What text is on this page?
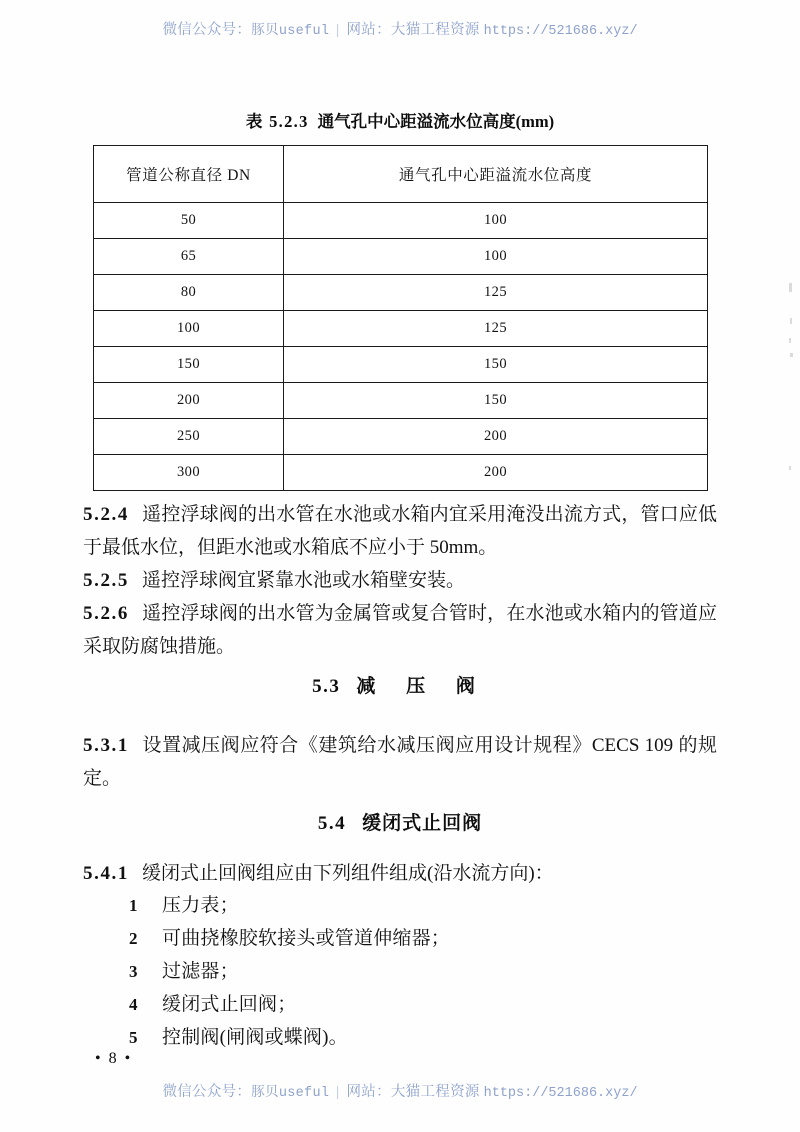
微信公众号：豚贝useful | 网站：大猫工程资源 https://521686.xyz/
表 5.2.3 通气孔中心距溢流水位高度(mm)
管道公称直径 DN	通气孔中心距溢流水位高度
50	100
65	100
80	125
100	125
150	150
200	150
250	200
300	200
5.2.4 遥控浮球阀的出水管在水池或水箱内宜采用淹没出流方式，管口应低于最低水位，但距水池或水箱底不应小于 50mm。
5.2.5 遥控浮球阀宜紧靠水池或水箱壁安装。
5.2.6 遥控浮球阀的出水管为金属管或复合管时，在水池或水箱内的管道应采取防腐蚀措施。
5.3 减 压 阀
5.3.1 设置减压阀应符合《建筑给水减压阀应用设计规程》CECS 109 的规定。
5.4 缓闭式止回阀
5.4.1 缓闭式止回阀组应由下列组件组成(沿水流方向)：
1	压力表；
2	可曲挠橡胶软接头或管道伸缩器；
3	过滤器；
4	缓闭式止回阀；
5	控制阀(闸阀或蝶阀)。
• 8 •
微信公众号：豚贝useful | 网站：大猫工程资源 https://521686.xyz/
